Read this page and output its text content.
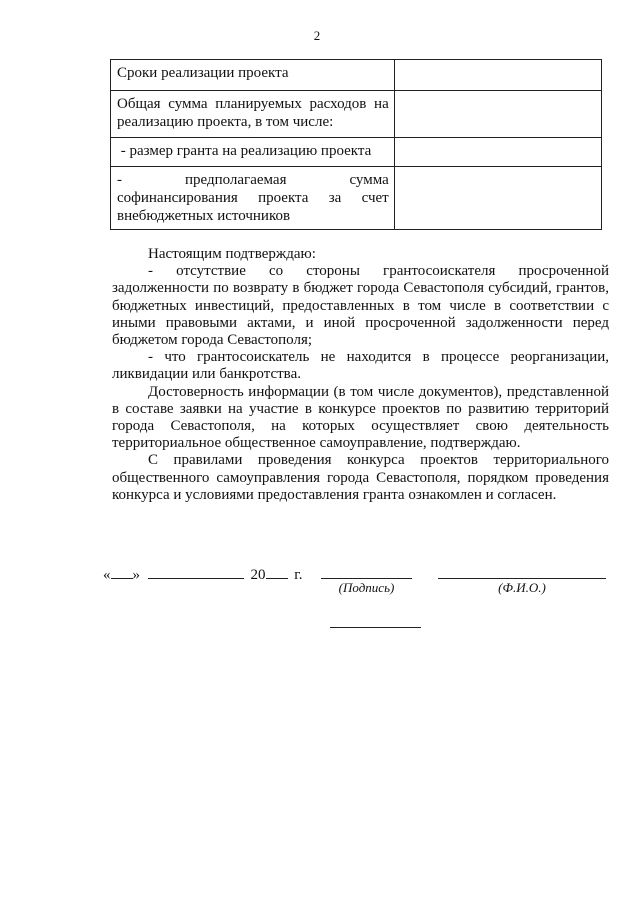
2
Сроки реализации проекта	
Общая сумма планируемых расходов на реализацию проекта, в том числе:	
- размер гранта на реализацию проекта	

- предполагаемая сумма
софинансирования проекта за счет
внебюджетных источников	

Настоящим подтверждаю:

- отсутствие со стороны грантосоискателя просроченной задолженности по возврату в бюджет города Севастополя субсидий, грантов, бюджетных инвестиций, предоставленных в том числе в соответствии с иными правовыми актами, и иной просроченной задолженности перед бюджетом города Севастополя;

- что грантосоискатель не находится в процессе реорганизации, ликвидации или банкротства.

Достоверность информации (в том числе документов), представленной в составе заявки на участие в конкурсе проектов по развитию территорий города Севастополя, на которых осуществляет свою деятельность территориальное общественное самоуправление, подтверждаю.

С правилами проведения конкурса проектов территориального общественного самоуправления города Севастополя, порядком проведения конкурса и условиями предоставления гранта ознакомлен и согласен.

« »	20 г.
(Подпись)	(Ф.И.О.)
